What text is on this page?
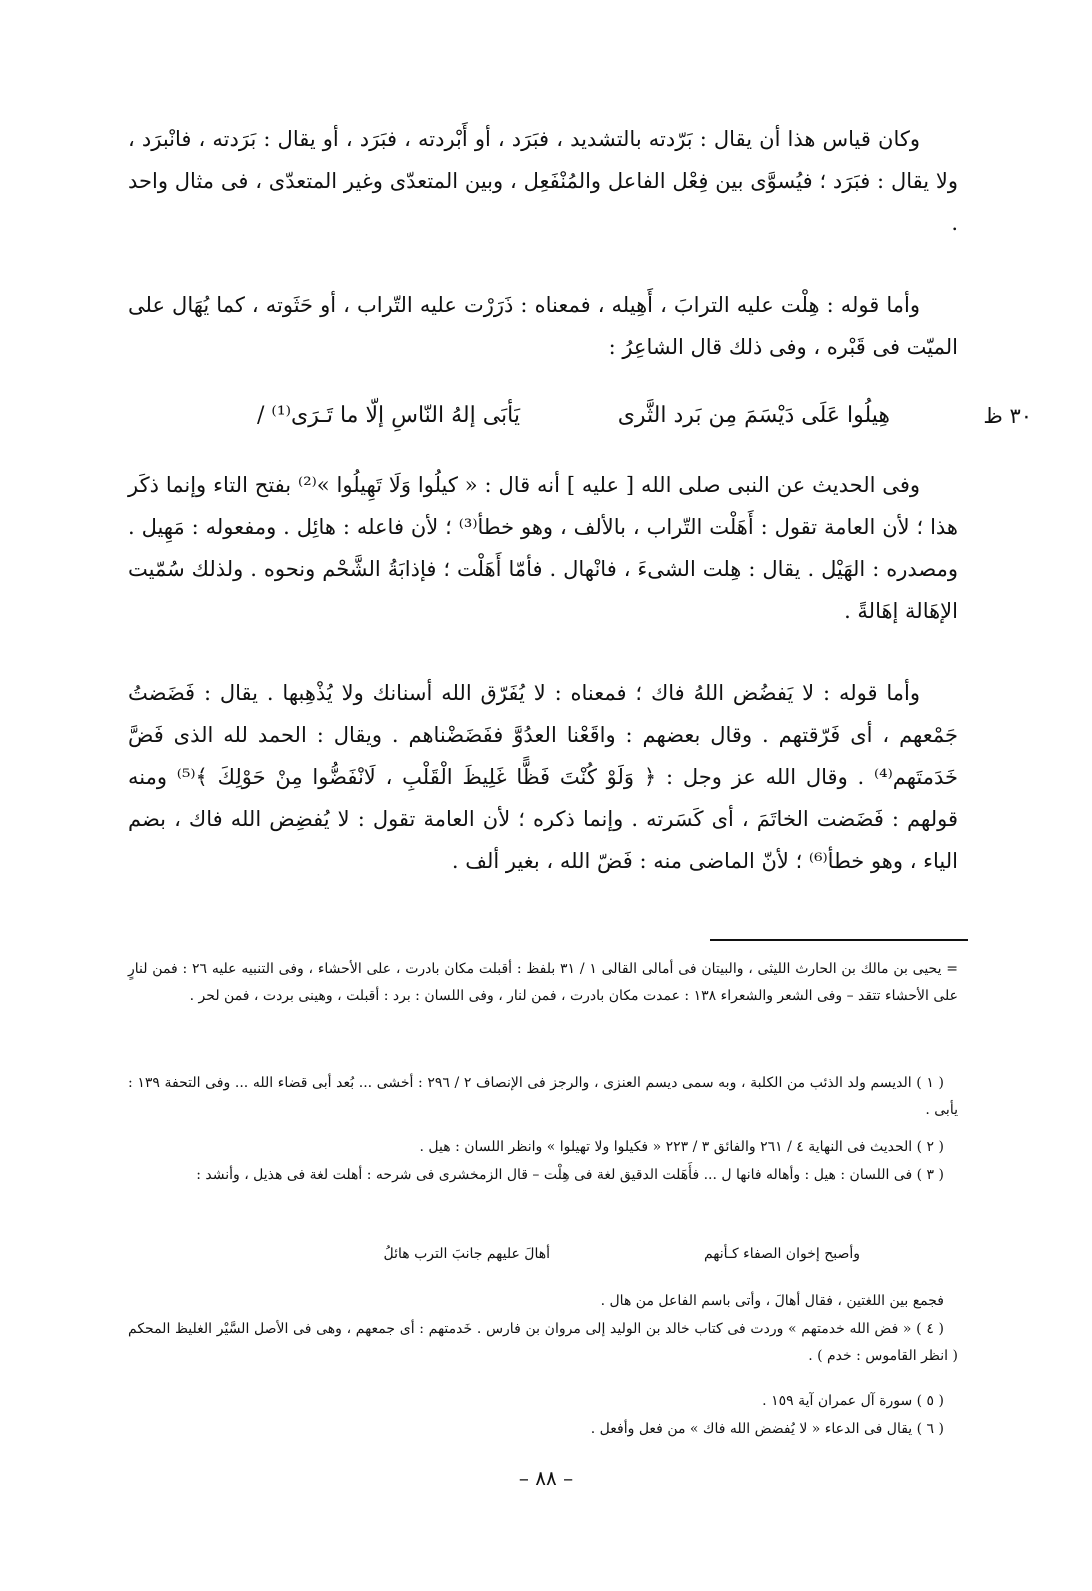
وكان قياس هذا أن يقال : بَرّدته بالتشديد ، فبَرَد ، أو أَبْردته ، فبَرَد ، أو يقال : بَرَدته ، فانْبرَد ، ولا يقال : فبَرَد ؛ فيُسوَّى بين فِعْل الفاعل والمُنْفَعِل ، وبين المتعدّى وغير المتعدّى ، فى مثال واحد .

وأما قوله : هِلْت عليه الترابَ ، أَهِيله ، فمعناه : ذَرَرْت عليه التّراب ، أو حَثَوته ، كما يُهَال على الميّت فى قَبْره ، وفى ذلك قال الشاعِرُ :

٣٠ ظ
هِيلُوا عَلَى دَيْسَمَ مِن بَرد الثَّرى
يَأبَى إلهُ النّاسِ إلّا ما تَـرَى⁽¹⁾ /

وفى الحديث عن النبى صلى الله [ عليه ] أنه قال : « كيلُوا وَلَا تَهِيلُوا »⁽²⁾ بفتح التاء وإنما ذكَر هذا ؛ لأن العامة تقول : أَهَلْت التّراب ، بالألف ، وهو خطأ⁽³⁾ ؛ لأن فاعله : هائِل . ومفعوله : مَهِيل . ومصدره : الهَيْل . يقال : هِلت الشىءَ ، فانْهال . فأمّا أَهَلْت ؛ فإذابَةُ الشَّحْم ونحوه . ولذلك سُمّيت الإهَالة إهَالةً .

وأما قوله : لا يَفضُض اللهُ فاك ؛ فمعناه : لا يُفَرّق الله أسنانك ولا يُذْهِبها . يقال : فَضَضتُ جَمْعهم ، أى فَرّقتهم . وقال بعضهم : واقَعْنا العدُوَّ ففَضَضْناهم . ويقال : الحمد لله الذى فَضَّ خَدَمتَهم⁽⁴⁾ . وقال الله عز وجل : ﴿ وَلَوْ كُنْتَ فَظًّا غَلِيظَ الْقَلْبِ ، لَانْفَضُّوا مِنْ حَوْلِكَ ﴾⁽⁵⁾ ومنه قولهم : فَضَضت الخاتَمَ ، أى كَسَرته . وإنما ذكره ؛ لأن العامة تقول : لا يُفضِض الله فاك ، بضم الياء ، وهو خطأ⁽⁶⁾ ؛ لأنّ الماضى منه : فَضّ الله ، بغير ألف .

= يحيى بن مالك بن الحارث الليثى ، والبيتان فى أمالى القالى ١ / ٣١ بلفظ : أقبلت مكان بادرت ، على الأحشاء ، وفى التنبيه عليه ٢٦ : فمن لنارٍ على الأحشاء تتقد – وفى الشعر والشعراء ١٣٨ : عمدت مكان بادرت ، فمن لنار ، وفى اللسان : برد : أقبلت ، وهينى بردت ، فمن لحر .

( ١ ) الديسم ولد الذئب من الكلبة ، وبه سمى ديسم العنزى ، والرجز فى الإنصاف ٢ / ٢٩٦ : أخشى ... بُعد أبى قضاء الله ... وفى التحفة ١٣٩ : يأبى .

( ٢ ) الحديث فى النهاية ٤ / ٢٦١ والفائق ٣ / ٢٢٣ « فكيلوا ولا تهيلوا » وانظر اللسان : هيل .

( ٣ ) فى اللسان : هيل : وأهاله فانها ل ... فأَهَلت الدقيق لغة فى هِلْت – قال الزمخشرى فى شرحه : أهلت لغة فى هذيل ، وأنشد :

وأصبح إخوان الصفاء كـأنهم
أهالَ عليهم جانبَ الترب هائلُ

فجمع بين اللغتين ، فقال أهالَ ، وأتى باسم الفاعل من هال .

( ٤ ) « فض الله خدمتهم » وردت فى كتاب خالد بن الوليد إلى مروان بن فارس . خَدمتهم : أى جمعهم ، وهى فى الأصل السَّيْر الغليظ المحكم ( انظر القاموس : خدم ) .

( ٥ ) سورة آل عمران آية ١٥٩ .

( ٦ ) يقال فى الدعاء « لا يُفضض الله فاك » من فعل وأفعل .

– ٨٨ –
